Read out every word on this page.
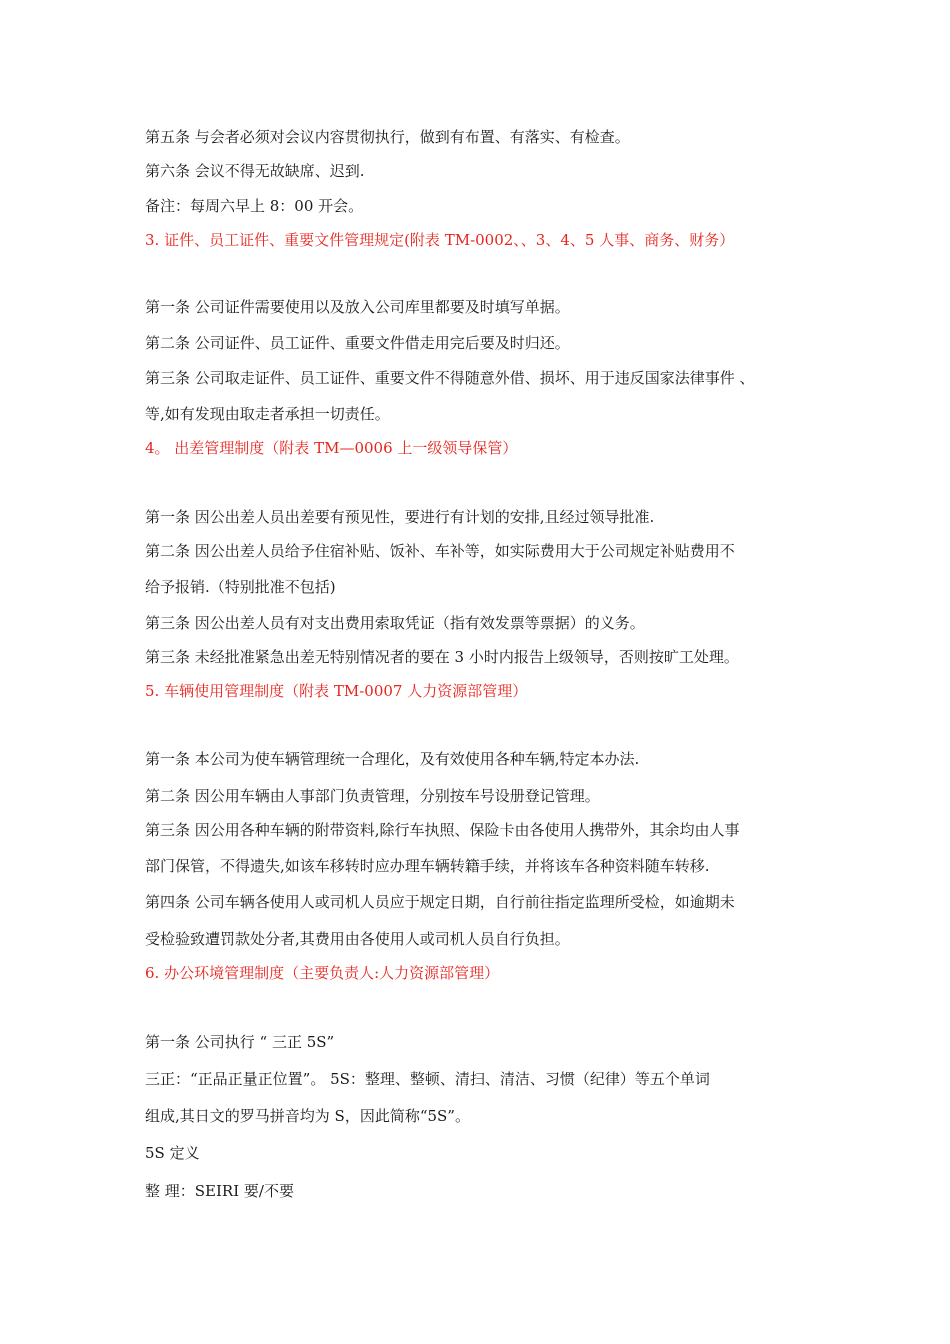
第五条 与会者必须对会议内容贯彻执行，做到有布置、有落实、有检查。
第六条 会议不得无故缺席、迟到.
备注：每周六早上 8：00 开会。
3. 证件、员工证件、重要文件管理规定(附表 TM-0002、、3、4、5 人事、商务、财务）
第一条 公司证件需要使用以及放入公司库里都要及时填写单据。
第二条 公司证件、员工证件、重要文件借走用完后要及时归还。
第三条 公司取走证件、员工证件、重要文件不得随意外借、损坏、用于违反国家法律事件 、
等,如有发现由取走者承担一切责任。
4。 出差管理制度（附表 TM—0006 上一级领导保管）
第一条 因公出差人员出差要有预见性，要进行有计划的安排,且经过领导批准.
第二条 因公出差人员给予住宿补贴、饭补、车补等，如实际费用大于公司规定补贴费用不
给予报销.（特别批准不包括)
第三条 因公出差人员有对支出费用索取凭证（指有效发票等票据）的义务。
第三条 未经批准紧急出差无特别情况者的要在 3 小时内报告上级领导，否则按旷工处理。
5. 车辆使用管理制度（附表 TM-0007 人力资源部管理）
第一条 本公司为使车辆管理统一合理化，及有效使用各种车辆,特定本办法.
第二条 因公用车辆由人事部门负责管理，分别按车号设册登记管理。
第三条 因公用各种车辆的附带资料,除行车执照、保险卡由各使用人携带外，其余均由人事
部门保管，不得遗失,如该车移转时应办理车辆转籍手续，并将该车各种资料随车转移.
第四条 公司车辆各使用人或司机人员应于规定日期，自行前往指定监理所受检，如逾期未
受检验致遭罚款处分者,其费用由各使用人或司机人员自行负担。
6. 办公环境管理制度（主要负责人:人力资源部管理）
第一条 公司执行 “ 三正 5S”
三正：“正品正量正位置”。 5S：整理、整顿、清扫、清洁、习惯（纪律）等五个单词
组成,其日文的罗马拼音均为 S，因此简称“5S”。
5S 定义
整 理：SEIRI 要/不要
